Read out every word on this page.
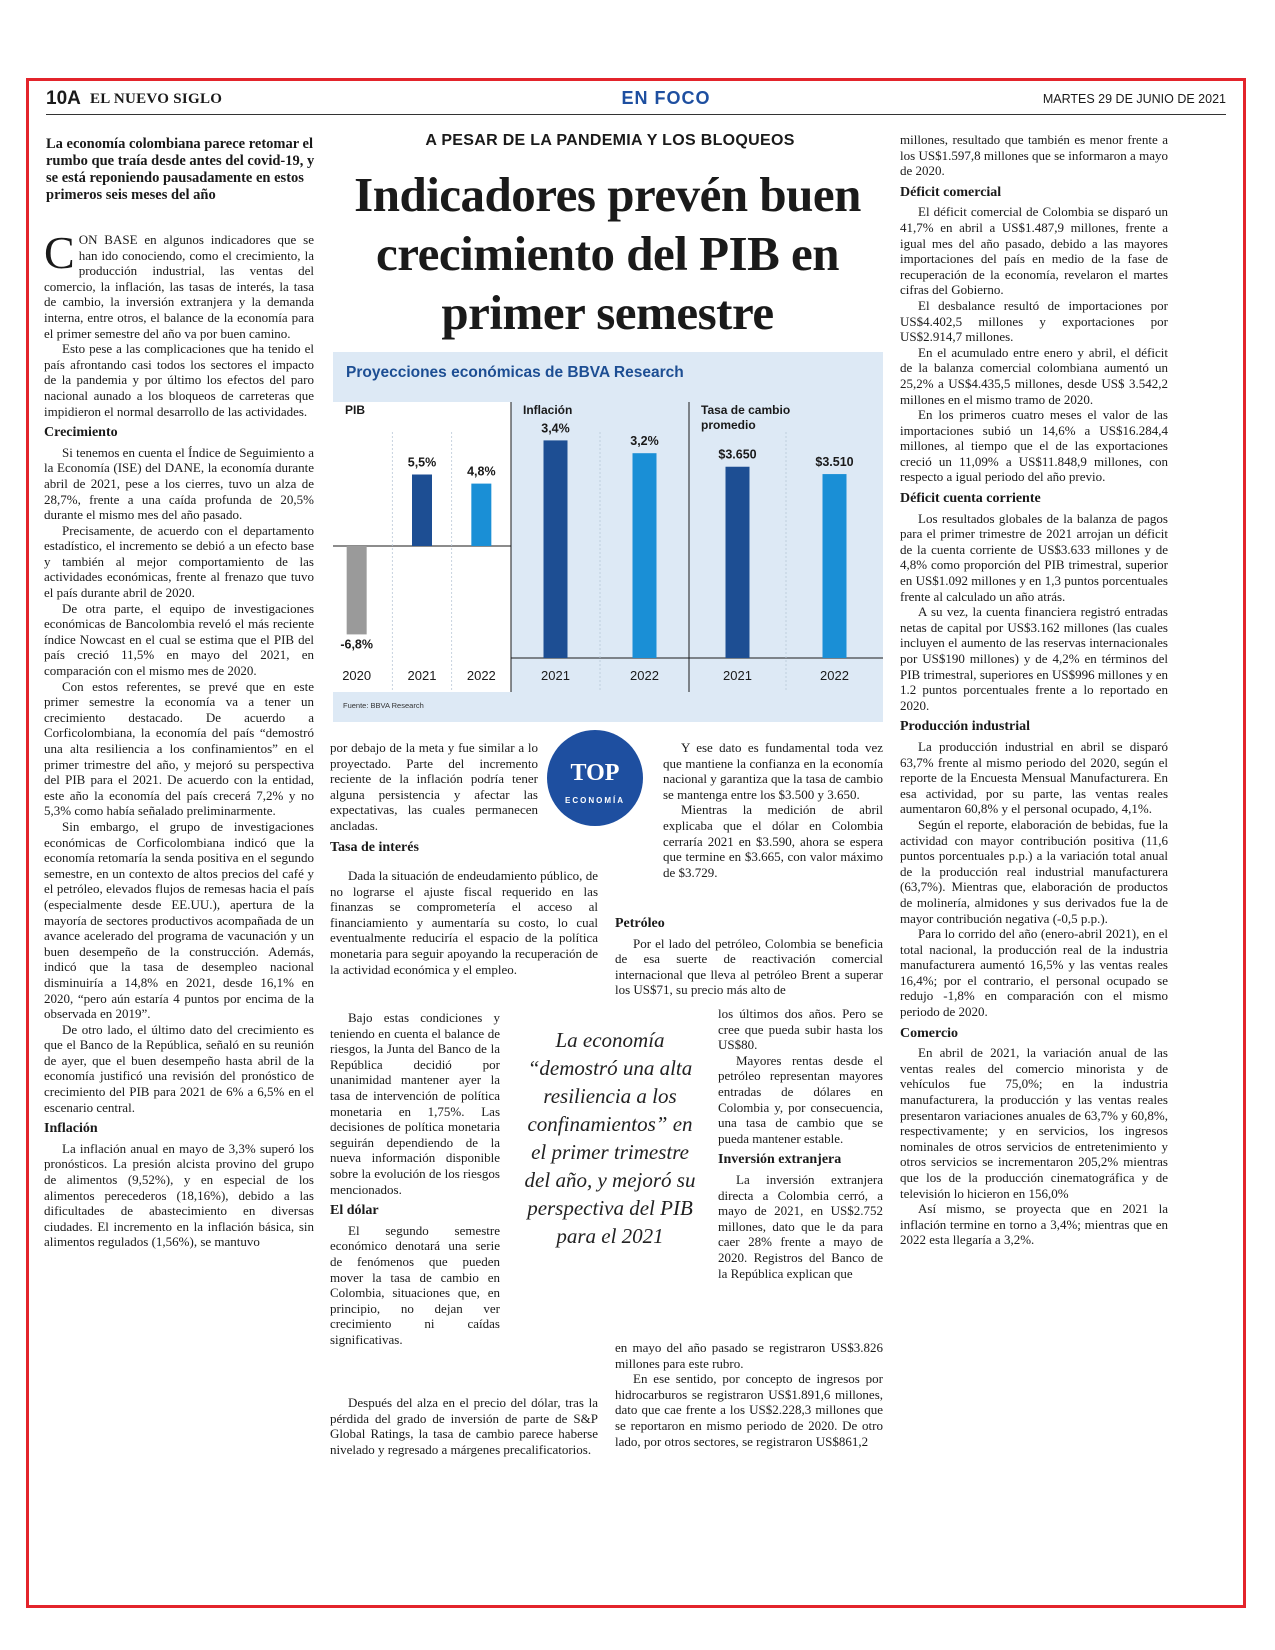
10A EL NUEVO SIGLO	EN FOCO	MARTES 29 DE JUNIO DE 2021
La economía colombiana parece retomar el rumbo que traía desde antes del covid-19, y se está reponiendo pausadamente en estos primeros seis meses del año
A PESAR DE LA PANDEMIA Y LOS BLOQUEOS
Indicadores prevén buen crecimiento del PIB en primer semestre
Proyecciones económicas de BBVA Research
PIB
-6,8%
2020
5,5%
2021
4,8%
2022
Inflación
3,4%
2021
3,2%
2022
Tasa de cambio
promedio
$3.650
2021
$3.510
2022
Fuente: BBVA Research

CON BASE en algunos indicadores que se han ido conociendo, como el crecimiento, la producción industrial, las ventas del comercio, la inflación, las tasas de interés, la tasa de cambio, la inversión extranjera y la demanda interna, entre otros, el balance de la economía para el primer semestre del año va por buen camino.

Esto pese a las complicaciones que ha tenido el país afrontando casi todos los sectores el impacto de la pandemia y por último los efectos del paro nacional aunado a los bloqueos de carreteras que impidieron el normal desarrollo de las actividades.

Crecimiento

Si tenemos en cuenta el Índice de Seguimiento a la Economía (ISE) del DANE, la economía durante abril de 2021, pese a los cierres, tuvo un alza de 28,7%, frente a una caída profunda de 20,5% durante el mismo mes del año pasado.

Precisamente, de acuerdo con el departamento estadístico, el incremento se debió a un efecto base y también al mejor comportamiento de las actividades económicas, frente al frenazo que tuvo el país durante abril de 2020.

De otra parte, el equipo de investigaciones económicas de Bancolombia reveló el más reciente índice Nowcast en el cual se estima que el PIB del país creció 11,5% en mayo del 2021, en comparación con el mismo mes de 2020.

Con estos referentes, se prevé que en este primer semestre la economía va a tener un crecimiento destacado. De acuerdo a Corficolombiana, la economía del país “demostró una alta resiliencia a los confinamientos” en el primer trimestre del año, y mejoró su perspectiva del PIB para el 2021. De acuerdo con la entidad, este año la economía del país crecerá 7,2% y no 5,3% como había señalado preliminarmente.

Sin embargo, el grupo de investigaciones económicas de Corficolombiana indicó que la economía retomaría la senda positiva en el segundo semestre, en un contexto de altos precios del café y el petróleo, elevados flujos de remesas hacia el país (especialmente desde EE.UU.), apertura de la mayoría de sectores productivos acompañada de un avance acelerado del programa de vacunación y un buen desempeño de la construcción. Además, indicó que la tasa de desempleo nacional disminuiría a 14,8% en 2021, desde 16,1% en 2020, “pero aún estaría 4 puntos por encima de la observada en 2019”.

De otro lado, el último dato del crecimiento es que el Banco de la República, señaló en su reunión de ayer, que el buen desempeño hasta abril de la economía justificó una revisión del pronóstico de crecimiento del PIB para 2021 de 6% a 6,5% en el escenario central.

Inflación

La inflación anual en mayo de 3,3% superó los pronósticos. La presión alcista provino del grupo de alimentos (9,52%), y en especial de los alimentos perecederos (18,16%), debido a las dificultades de abastecimiento en diversas ciudades. El incremento en la inflación básica, sin alimentos regulados (1,56%), se mantuvo

por debajo de la meta y fue similar a lo proyectado. Parte del incremento reciente de la inflación podría tener alguna persistencia y afectar las expectativas, las cuales permanecen ancladas.

Tasa de interés

Dada la situación de endeudamiento público, de no lograrse el ajuste fiscal requerido en las finanzas se comprometería el acceso al financiamiento y aumentaría su costo, lo cual eventualmente reduciría el espacio de la política monetaria para seguir apoyando la recuperación de la actividad económica y el empleo.

Bajo estas condiciones y teniendo en cuenta el balance de riesgos, la Junta del Banco de la República decidió por unanimidad mantener ayer la tasa de intervención de política monetaria en 1,75%. Las decisiones de política monetaria seguirán dependiendo de la nueva información disponible sobre la evolución de los riesgos mencionados.

El dólar

El segundo semestre económico denotará una serie de fenómenos que pueden mover la tasa de cambio en Colombia, situaciones que, en principio, no dejan ver crecimiento ni caídas significativas.

Después del alza en el precio del dólar, tras la pérdida del grado de inversión de parte de S&P Global Ratings, la tasa de cambio parece haberse nivelado y regresado a márgenes precalificatorios.

TOP
ECONOMÍA
La economía “demostró una alta resiliencia a los confinamientos” en el primer trimestre del año, y mejoró su perspectiva del PIB para el 2021

Y ese dato es fundamental toda vez que mantiene la confianza en la economía nacional y garantiza que la tasa de cambio se mantenga entre los $3.500 y 3.650.

Mientras la medición de abril explicaba que el dólar en Colombia cerraría 2021 en $3.590, ahora se espera que termine en $3.665, con valor máximo de $3.729.

Petróleo

Por el lado del petróleo, Colombia se beneficia de esa suerte de reactivación comercial internacional que lleva al petróleo Brent a superar los US$71, su precio más alto de

los últimos dos años. Pero se cree que pueda subir hasta los US$80.

Mayores rentas desde el petróleo representan mayores entradas de dólares en Colombia y, por consecuencia, una tasa de cambio que se pueda mantener estable.

Inversión extranjera

La inversión extranjera directa a Colombia cerró, a mayo de 2021, en US$2.752 millones, dato que le da para caer 28% frente a mayo de 2020. Registros del Banco de la República explican que

en mayo del año pasado se registraron US$3.826 millones para este rubro.

En ese sentido, por concepto de ingresos por hidrocarburos se registraron US$1.891,6 millones, dato que cae frente a los US$2.228,3 millones que se reportaron en mismo periodo de 2020. De otro lado, por otros sectores, se registraron US$861,2

millones, resultado que también es menor frente a los US$1.597,8 millones que se informaron a mayo de 2020.

Déficit comercial

El déficit comercial de Colombia se disparó un 41,7% en abril a US$1.487,9 millones, frente a igual mes del año pasado, debido a las mayores importaciones del país en medio de la fase de recuperación de la economía, revelaron el martes cifras del Gobierno.

El desbalance resultó de importaciones por US$4.402,5 millones y exportaciones por US$2.914,7 millones.

En el acumulado entre enero y abril, el déficit de la balanza comercial colombiana aumentó un 25,2% a US$4.435,5 millones, desde US$ 3.542,2 millones en el mismo tramo de 2020.

En los primeros cuatro meses el valor de las importaciones subió un 14,6% a US$16.284,4 millones, al tiempo que el de las exportaciones creció un 11,09% a US$11.848,9 millones, con respecto a igual periodo del año previo.

Déficit cuenta corriente

Los resultados globales de la balanza de pagos para el primer trimestre de 2021 arrojan un déficit de la cuenta corriente de US$3.633 millones y de 4,8% como proporción del PIB trimestral, superior en US$1.092 millones y en 1,3 puntos porcentuales frente al calculado un año atrás.

A su vez, la cuenta financiera registró entradas netas de capital por US$3.162 millones (las cuales incluyen el aumento de las reservas internacionales por US$190 millones) y de 4,2% en términos del PIB trimestral, superiores en US$996 millones y en 1.2 puntos porcentuales frente a lo reportado en 2020.

Producción industrial

La producción industrial en abril se disparó 63,7% frente al mismo periodo del 2020, según el reporte de la Encuesta Mensual Manufacturera. En esa actividad, por su parte, las ventas reales aumentaron 60,8% y el personal ocupado, 4,1%.

Según el reporte, elaboración de bebidas, fue la actividad con mayor contribución positiva (11,6 puntos porcentuales p.p.) a la variación total anual de la producción real industrial manufacturera (63,7%). Mientras que, elaboración de productos de molinería, almidones y sus derivados fue la de mayor contribución negativa (-0,5 p.p.).

Para lo corrido del año (enero-abril 2021), en el total nacional, la producción real de la industria manufacturera aumentó 16,5% y las ventas reales 16,4%; por el contrario, el personal ocupado se redujo -1,8% en comparación con el mismo periodo de 2020.

Comercio

En abril de 2021, la variación anual de las ventas reales del comercio minorista y de vehículos fue 75,0%; en la industria manufacturera, la producción y las ventas reales presentaron variaciones anuales de 63,7% y 60,8%, respectivamente; y en servicios, los ingresos nominales de otros servicios de entretenimiento y otros servicios se incrementaron 205,2% mientras que los de la producción cinematográfica y de televisión lo hicieron en 156,0%

Así mismo, se proyecta que en 2021 la inflación termine en torno a 3,4%; mientras que en 2022 esta llegaría a 3,2%.
